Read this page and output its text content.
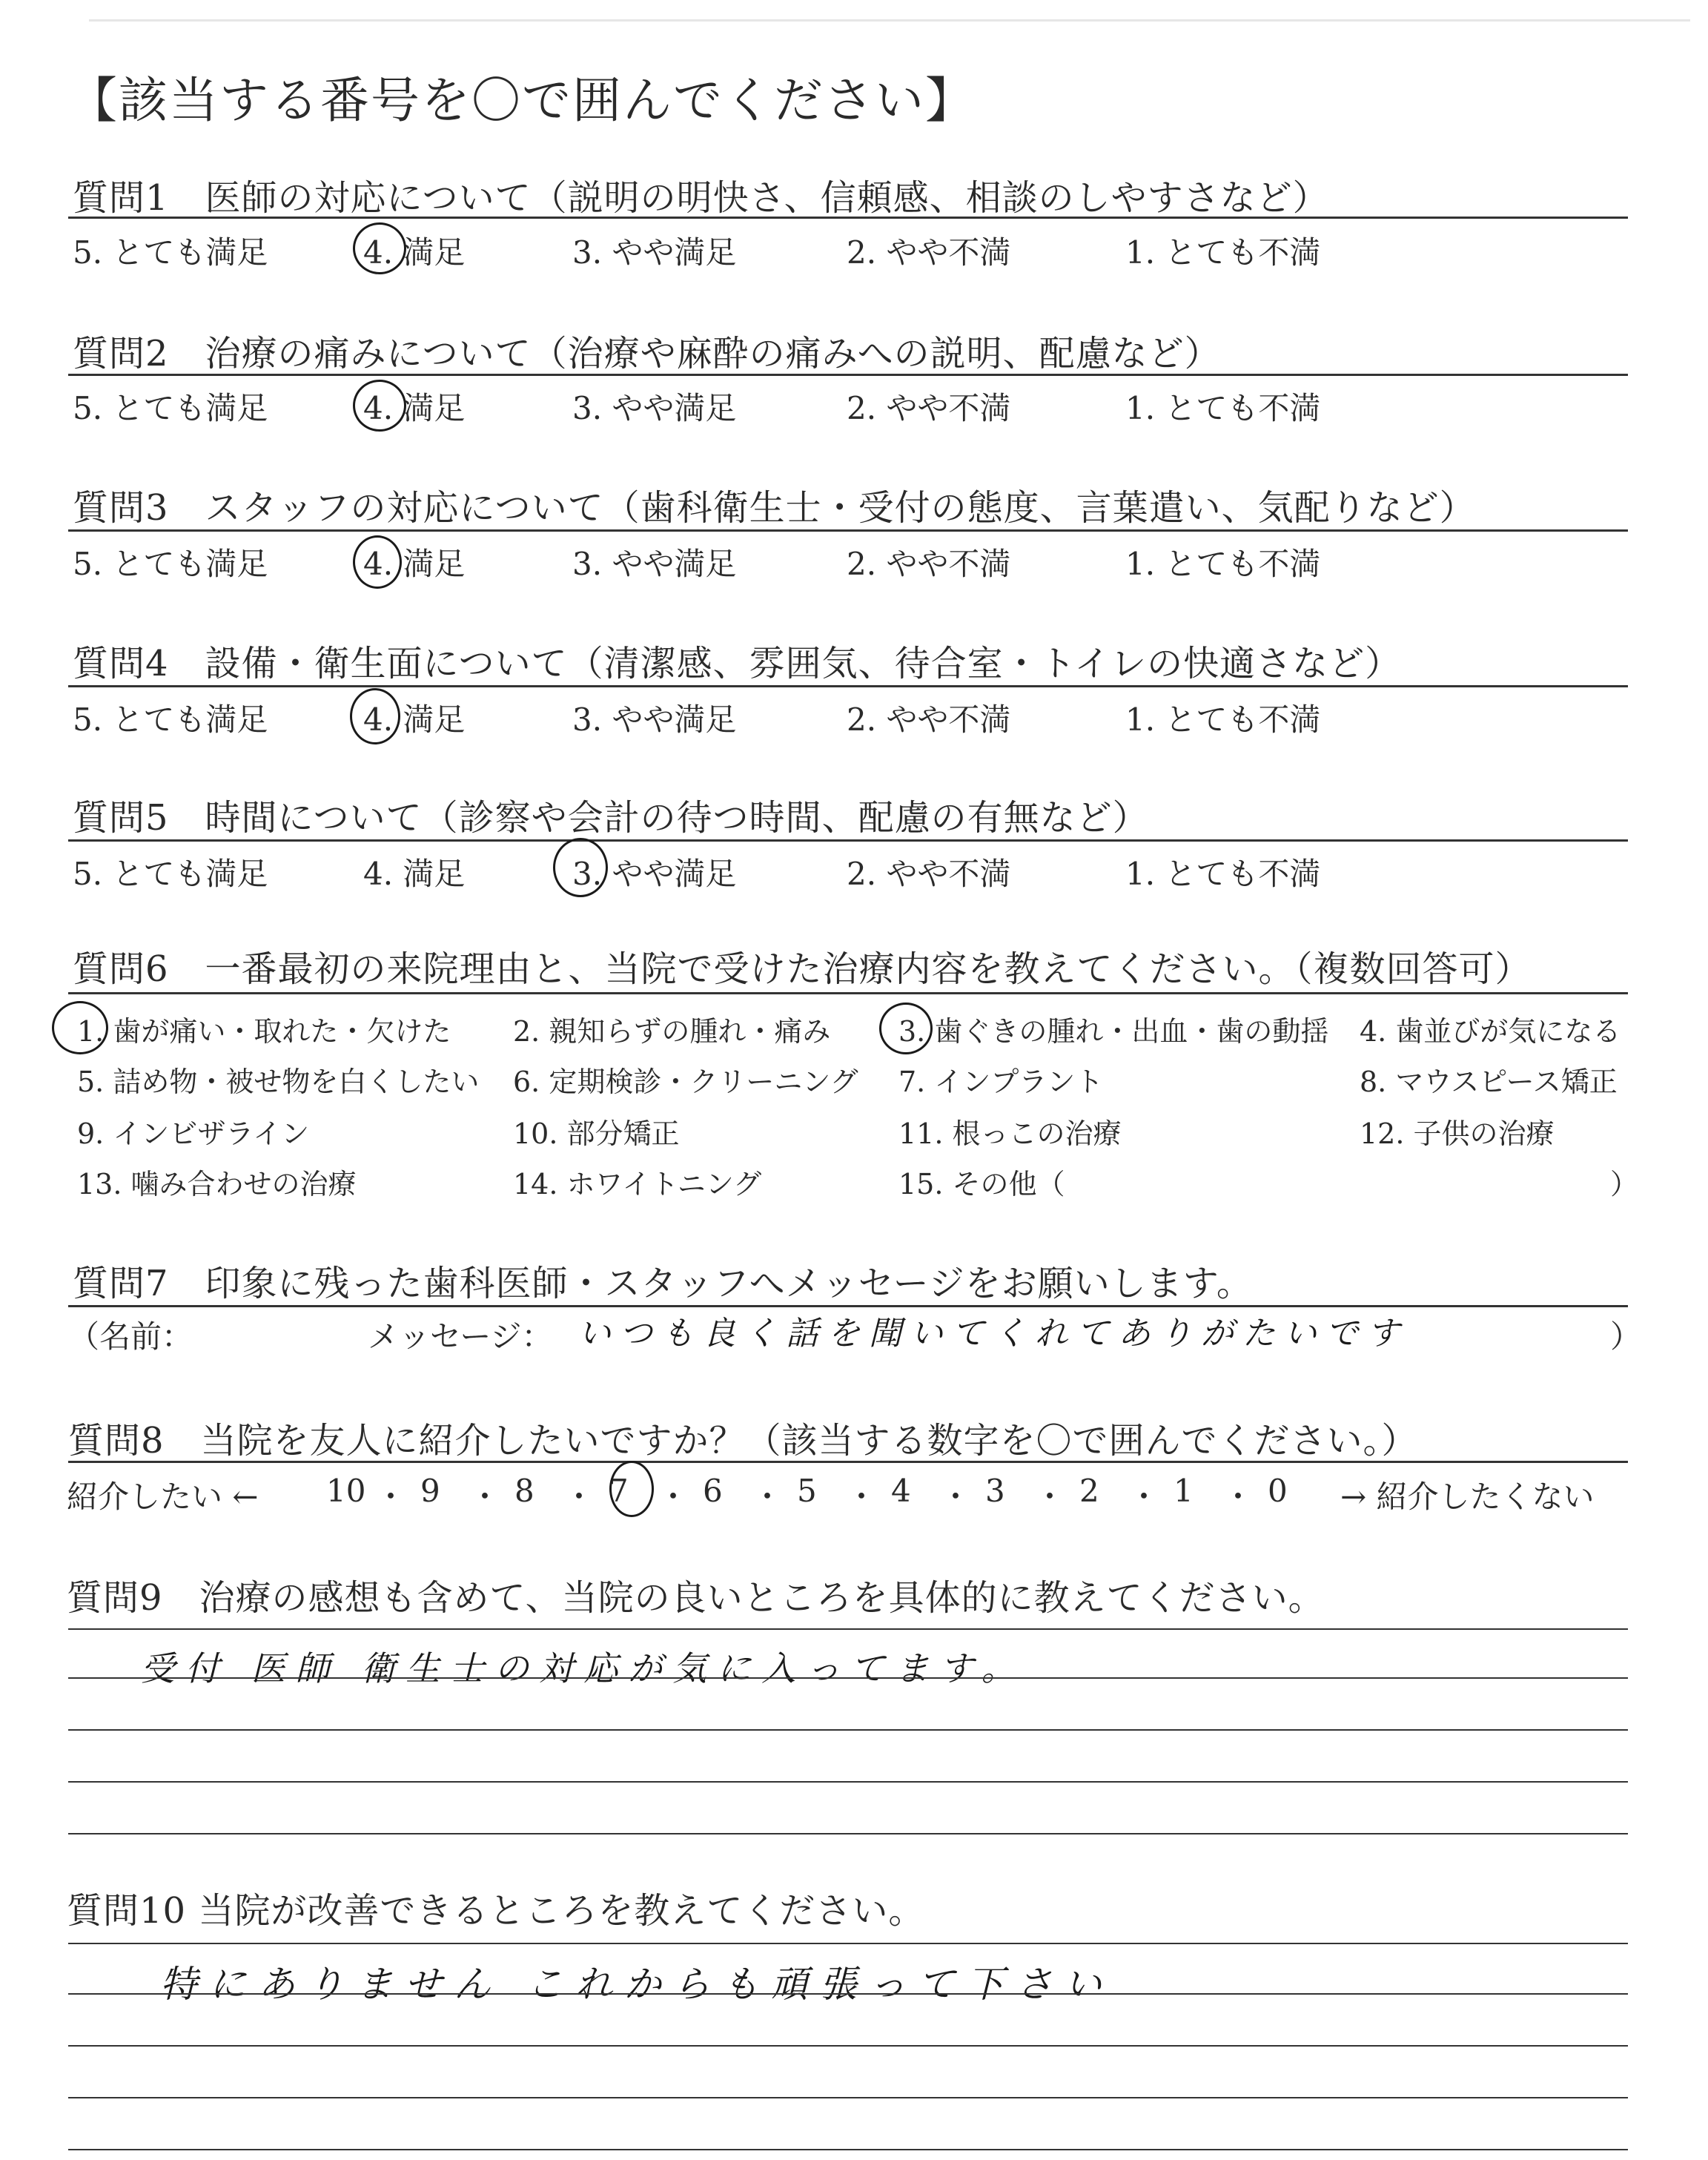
【該当する番号を〇で囲んでください】
質問1　医師の対応について（説明の明快さ、信頼感、相談のしやすさなど）
5. とても満足	4. 満足	3. やや満足	2. やや不満	1. とても不満
質問2　治療の痛みについて（治療や麻酔の痛みへの説明、配慮など）
5. とても満足	4. 満足	3. やや満足	2. やや不満	1. とても不満
質問3　スタッフの対応について（歯科衛生士・受付の態度、言葉遣い、気配りなど）
5. とても満足	4. 満足	3. やや満足	2. やや不満	1. とても不満
質問4　設備・衛生面について（清潔感、雰囲気、待合室・トイレの快適さなど）
5. とても満足	4. 満足	3. やや満足	2. やや不満	1. とても不満
質問5　時間について（診察や会計の待つ時間、配慮の有無など）
5. とても満足	4. 満足	3. やや満足	2. やや不満	1. とても不満
質問6　一番最初の来院理由と、当院で受けた治療内容を教えてください。（複数回答可）
1. 歯が痛い・取れた・欠けた 2. 親知らずの腫れ・痛み 3. 歯ぐきの腫れ・出血・歯の動揺 4. 歯並びが気になる
5. 詰め物・被せ物を白くしたい 6. 定期検診・クリーニング 7. インプラント	8. マウスピース矯正
9. インビザライン	10. 部分矯正	11. 根っこの治療	12. 子供の治療
13. 噛み合わせの治療	14. ホワイトニング	15. その他（	）
質問7　印象に残った歯科医師・スタッフへメッセージをお願いします。
（名前：	メッセージ： いつも良く話を聞いてくれてありがたいです	）
質問8　当院を友人に紹介したいですか？（該当する数字を〇で囲んでください。）
紹介したい ←	→ 紹介したくない
10 ・ 9 ・ 8 ・ 7 ・ 6 ・ 5 ・ 4 ・ 3 ・ 2 ・ 1 ・ 0
質問9　治療の感想も含めて、当院の良いところを具体的に教えてください。
受付 医師 衛生士の対応が気に入ってます。
質問10 当院が改善できるところを教えてください。
特にありません これからも頑張って下さい
